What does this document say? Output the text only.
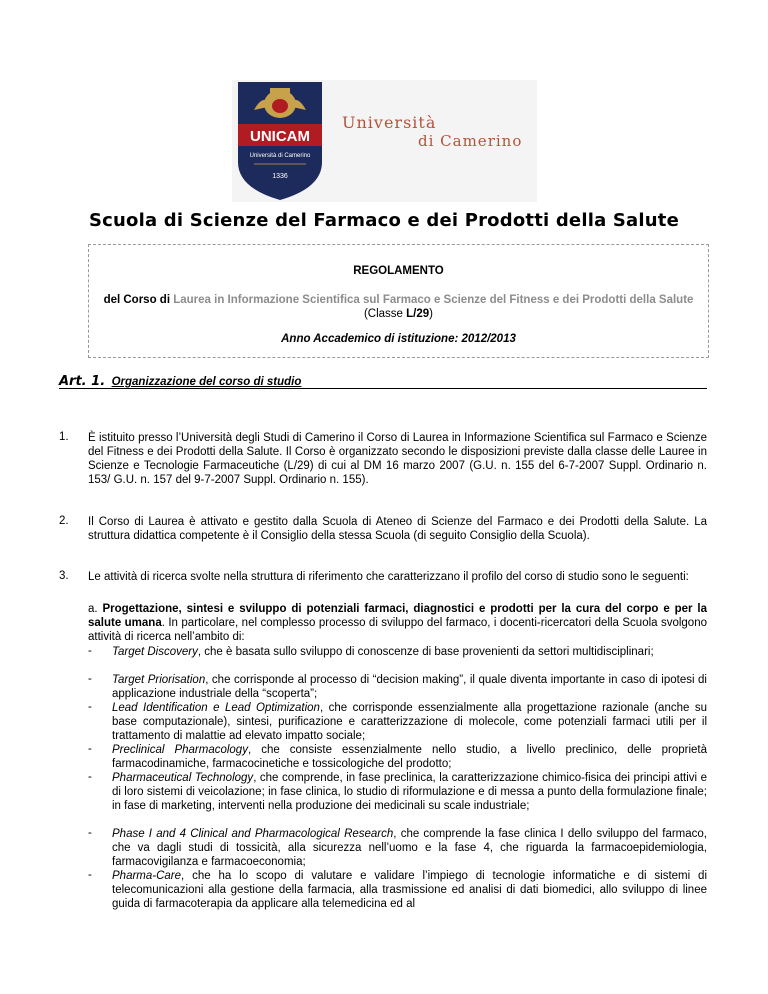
UNICAM
Università di Camerino
1336
Università
di Camerino
Scuola di Scienze del Farmaco e dei Prodotti della Salute
REGOLAMENTO
del Corso di Laurea in Informazione Scientifica sul Farmaco e Scienze del Fitness e dei Prodotti della Salute (Classe L/29)
Anno Accademico di istituzione: 2012/2013
Art. 1. Organizzazione del corso di studio
1. È istituito presso l’Università degli Studi di Camerino il Corso di Laurea in Informazione Scientifica sul Farmaco e Scienze del Fitness e dei Prodotti della Salute. Il Corso è organizzato secondo le disposizioni previste dalla classe delle Lauree in Scienze e Tecnologie Farmaceutiche (L/29) di cui al DM 16 marzo 2007 (G.U. n. 155 del 6-7-2007 Suppl. Ordinario n. 153/ G.U. n. 157 del 9-7-2007 Suppl. Ordinario n. 155).
2. Il Corso di Laurea è attivato e gestito dalla Scuola di Ateneo di Scienze del Farmaco e dei Prodotti della Salute. La struttura didattica competente è il Consiglio della stessa Scuola (di seguito Consiglio della Scuola).
3. Le attività di ricerca svolte nella struttura di riferimento che caratterizzano il profilo del corso di studio sono le seguenti:
a. Progettazione, sintesi e sviluppo di potenziali farmaci, diagnostici e prodotti per la cura del corpo e per la salute umana. In particolare, nel complesso processo di sviluppo del farmaco, i docenti-ricercatori della Scuola svolgono attività di ricerca nell’ambito di:
- Target Discovery, che è basata sullo sviluppo di conoscenze di base provenienti da settori multidisciplinari;
- Target Priorisation, che corrisponde al processo di “decision making”, il quale diventa importante in caso di ipotesi di applicazione industriale della “scoperta”;
- Lead Identification e Lead Optimization, che corrisponde essenzialmente alla progettazione razionale (anche su base computazionale), sintesi, purificazione e caratterizzazione di molecole, come potenziali farmaci utili per il trattamento di malattie ad elevato impatto sociale;
- Preclinical Pharmacology, che consiste essenzialmente nello studio, a livello preclinico, delle proprietà farmacodinamiche, farmacocinetiche e tossicologiche del prodotto;
- Pharmaceutical Technology, che comprende, in fase preclinica, la caratterizzazione chimico-fisica dei principi attivi e di loro sistemi di veicolazione; in fase clinica, lo studio di riformulazione e di messa a punto della formulazione finale; in fase di marketing, interventi nella produzione dei medicinali su scale industriale;
- Phase I and 4 Clinical and Pharmacological Research, che comprende la fase clinica I dello sviluppo del farmaco, che va dagli studi di tossicità, alla sicurezza nell’uomo e la fase 4, che riguarda la farmacoepidemiologia, farmacovigilanza e farmacoeconomia;
- Pharma-Care, che ha lo scopo di valutare e validare l’impiego di tecnologie informatiche e di sistemi di telecomunicazioni alla gestione della farmacia, alla trasmissione ed analisi di dati biomedici, allo sviluppo di linee guida di farmacoterapia da applicare alla telemedicina ed al
